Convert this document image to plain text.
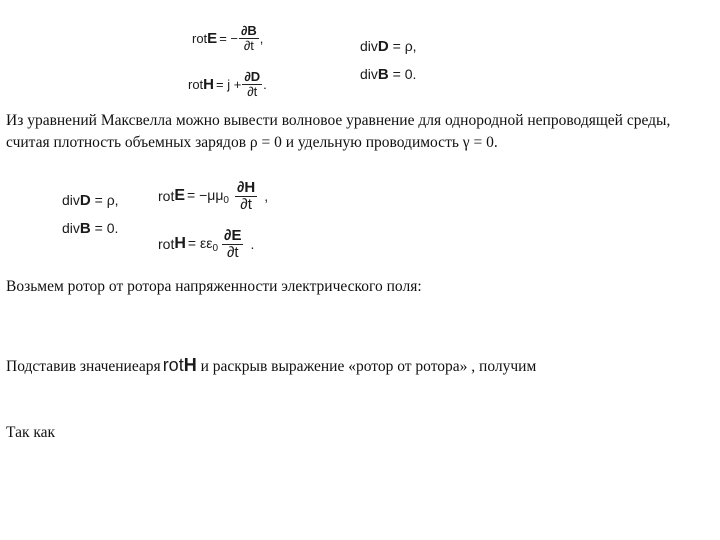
rot E = − $\frac{\partial B}{\partial t}$ ,
rot $H = j + \frac{\partial D}{\partial t}$ .
divD = ρ,
divB = 0.
Из уравнений Максвелла можно вывести волновое уравнение для однородной непроводящей среды, считая плотность объемных зарядов ρ = 0 и удельную проводимость γ = 0.
divD = ρ,
divB = 0.
rot $E = -\mu\mu_0 \frac{\partial H}{\partial t}$ ,
rot $H = \varepsilon\varepsilon_0 \frac{\partial E}{\partial t}$ .
Возьмем ротор от ротора напряженности электрического поля:
Подставив значениеаря rotH и раскрыв выражение «ротор от ротора» , получим
Так как
